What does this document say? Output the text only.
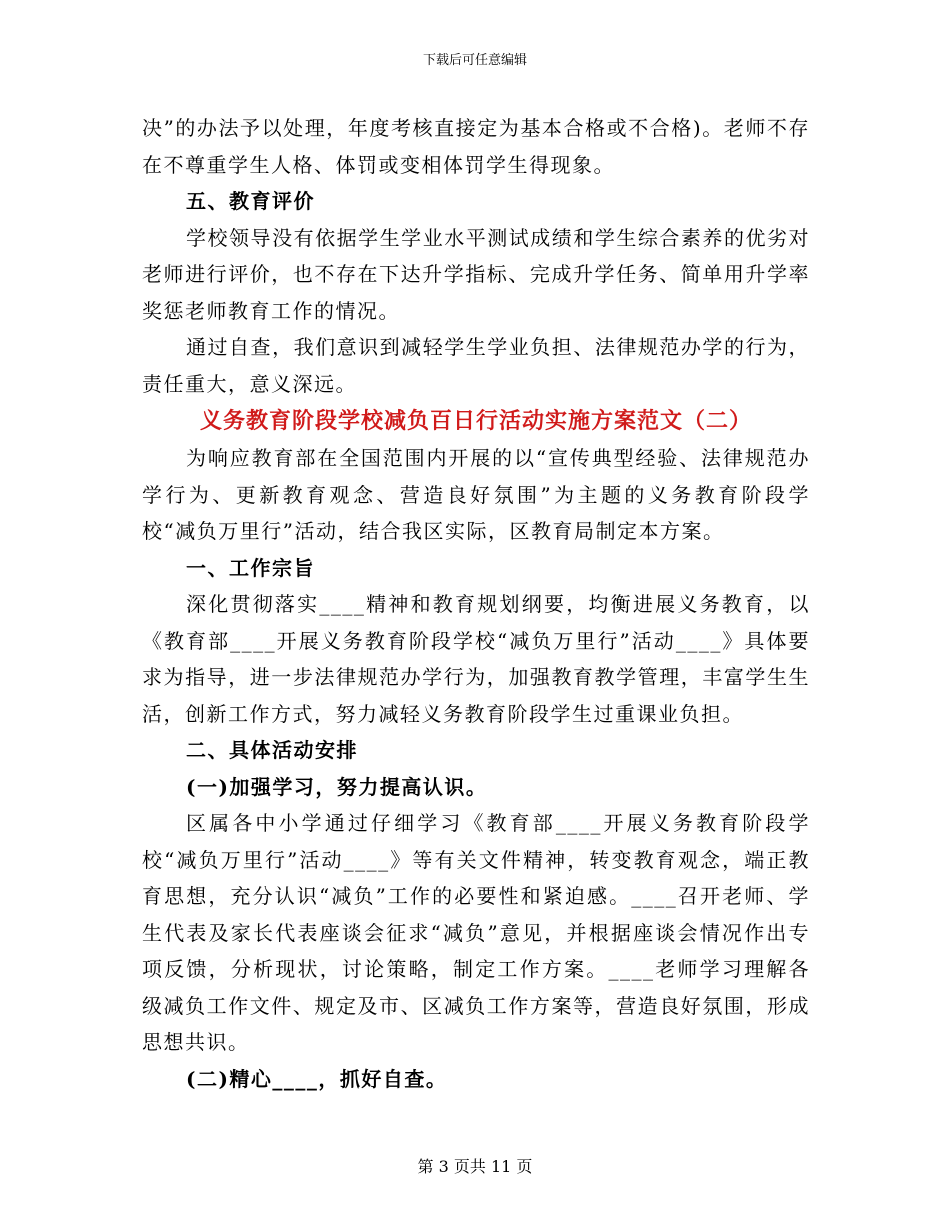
下载后可任意编辑

决”的办法予以处理，年度考核直接定为基本合格或不合格)。老师不存在不尊重学生人格、体罚或变相体罚学生得现象。

五、教育评价

学校领导没有依据学生学业水平测试成绩和学生综合素养的优劣对老师进行评价，也不存在下达升学指标、完成升学任务、简单用升学率奖惩老师教育工作的情况。

通过自查，我们意识到减轻学生学业负担、法律规范办学的行为，责任重大，意义深远。

义务教育阶段学校减负百日行活动实施方案范文（二）

为响应教育部在全国范围内开展的以“宣传典型经验、法律规范办学行为、更新教育观念、营造良好氛围”为主题的义务教育阶段学校“减负万里行”活动，结合我区实际，区教育局制定本方案。

一、工作宗旨

深化贯彻落实____精神和教育规划纲要，均衡进展义务教育，以《教育部____开展义务教育阶段学校“减负万里行”活动____》具体要求为指导，进一步法律规范办学行为，加强教育教学管理，丰富学生生活，创新工作方式，努力减轻义务教育阶段学生过重课业负担。

二、具体活动安排

(一)加强学习，努力提高认识。

区属各中小学通过仔细学习《教育部____开展义务教育阶段学校“减负万里行”活动____》等有关文件精神，转变教育观念，端正教育思想，充分认识“减负”工作的必要性和紧迫感。____召开老师、学生代表及家长代表座谈会征求“减负”意见，并根据座谈会情况作出专项反馈，分析现状，讨论策略，制定工作方案。____老师学习理解各级减负工作文件、规定及市、区减负工作方案等，营造良好氛围，形成思想共识。

(二)精心____，抓好自查。

第 3 页共 11 页
